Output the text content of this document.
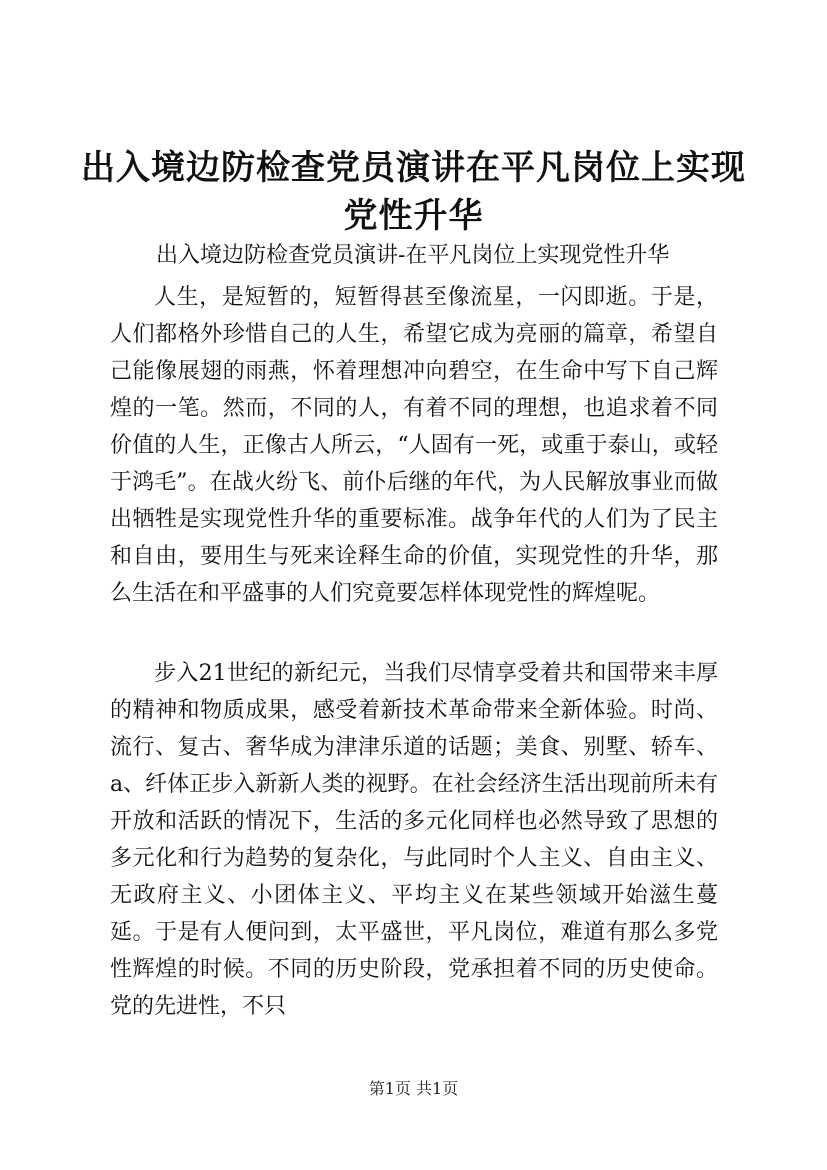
出入境边防检查党员演讲在平凡岗位上实现党性升华
出入境边防检查党员演讲-在平凡岗位上实现党性升华
人生，是短暂的，短暂得甚至像流星，一闪即逝。于是，人们都格外珍惜自己的人生，希望它成为亮丽的篇章，希望自己能像展翅的雨燕，怀着理想冲向碧空，在生命中写下自己辉煌的一笔。然而，不同的人，有着不同的理想，也追求着不同价值的人生，正像古人所云，“人固有一死，或重于泰山，或轻于鸿毛”。在战火纷飞、前仆后继的年代，为人民解放事业而做出牺牲是实现党性升华的重要标准。战争年代的人们为了民主和自由，要用生与死来诠释生命的价值，实现党性的升华，那么生活在和平盛事的人们究竟要怎样体现党性的辉煌呢。
步入21世纪的新纪元，当我们尽情享受着共和国带来丰厚的精神和物质成果，感受着新技术革命带来全新体验。时尚、流行、复古、奢华成为津津乐道的话题；美食、别墅、轿车、a、纤体正步入新新人类的视野。在社会经济生活出现前所未有开放和活跃的情况下，生活的多元化同样也必然导致了思想的多元化和行为趋势的复杂化，与此同时个人主义、自由主义、无政府主义、小团体主义、平均主义在某些领域开始滋生蔓延。于是有人便问到，太平盛世，平凡岗位，难道有那么多党性辉煌的时候。不同的历史阶段，党承担着不同的历史使命。党的先进性，不只
第1页 共1页
